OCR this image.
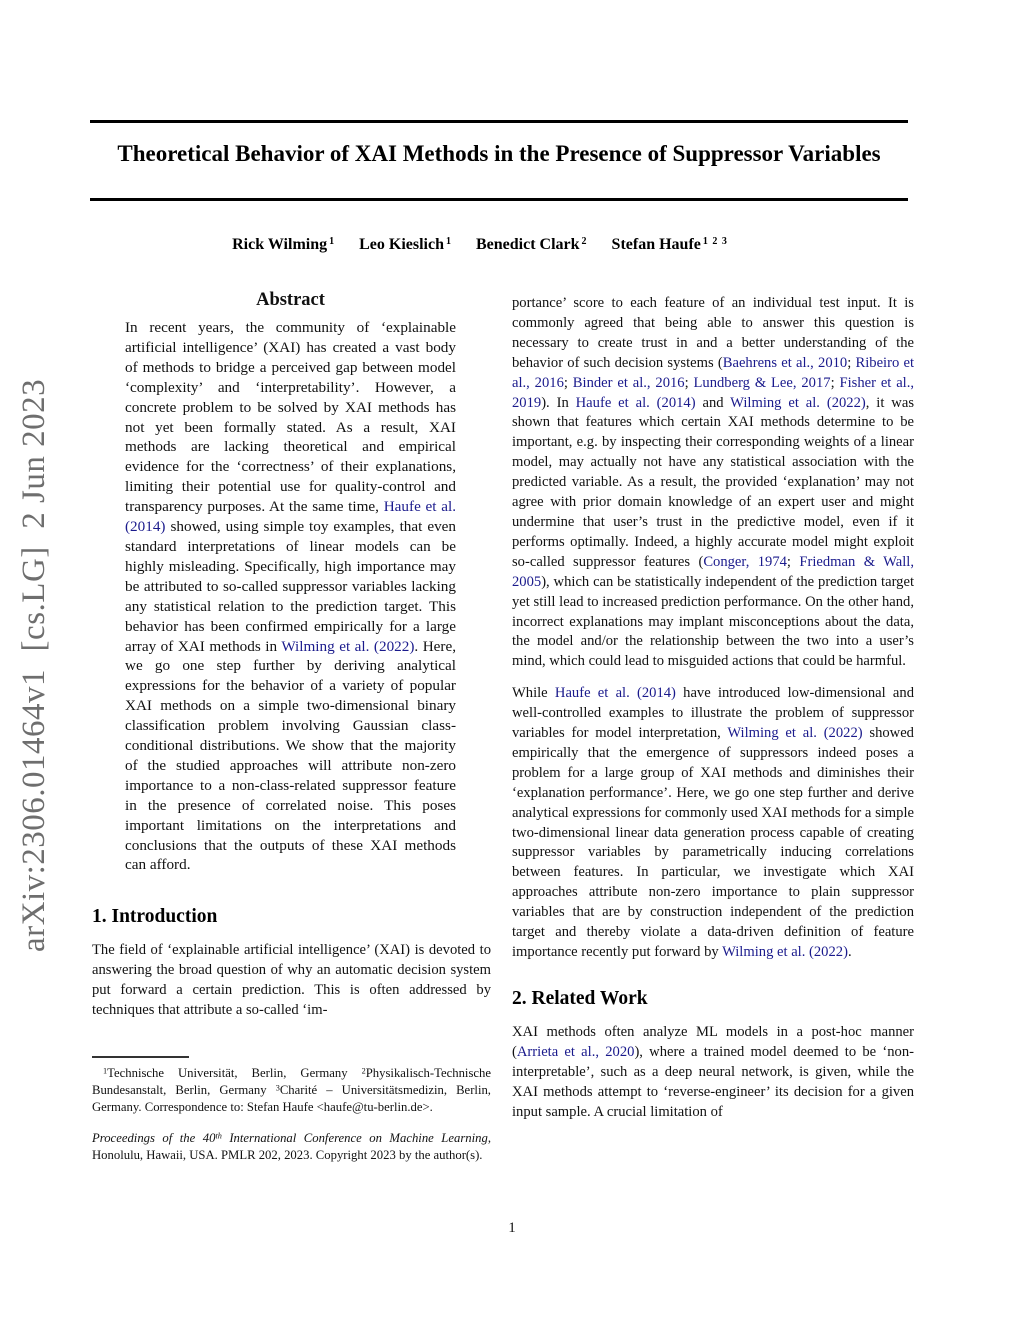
arXiv:2306.01464v1  [cs.LG]  2 Jun 2023
Theoretical Behavior of XAI Methods in the Presence of Suppressor Variables
Rick Wilming $^1$ Leo Kieslich $^1$ Benedict Clark $^2$ Stefan Haufe $^{1 2 3}$
Abstract

In recent years, the community of ‘explainable artificial intelligence’ (XAI) has created a vast body of methods to bridge a perceived gap between model ‘complexity’ and ‘interpretability’. However, a concrete problem to be solved by XAI methods has not yet been formally stated. As a result, XAI methods are lacking theoretical and empirical evidence for the ‘correctness’ of their explanations, limiting their potential use for quality-control and transparency purposes. At the same time, Haufe et al. (2014) showed, using simple toy examples, that even standard interpretations of linear models can be highly misleading. Specifically, high importance may be attributed to so-called suppressor variables lacking any statistical relation to the prediction target. This behavior has been confirmed empirically for a large array of XAI methods in Wilming et al. (2022). Here, we go one step further by deriving analytical expressions for the behavior of a variety of popular XAI methods on a simple two-dimensional binary classification problem involving Gaussian class-conditional distributions. We show that the majority of the studied approaches will attribute non-zero importance to a non-class-related suppressor feature in the presence of correlated noise. This poses important limitations on the interpretations and conclusions that the outputs of these XAI methods can afford.

1. Introduction

The field of ‘explainable artificial intelligence’ (XAI) is devoted to answering the broad question of why an automatic decision system put forward a certain prediction. This is often addressed by techniques that attribute a so-called ‘im-

$^1$Technische Universität, Berlin, Germany $^2$Physikalisch-Technische Bundesanstalt, Berlin, Germany $^3$Charité – Universitätsmedizin, Berlin, Germany. Correspondence to: Stefan Haufe <haufe@tu-berlin.de>.

Proceedings of the 40th International Conference on Machine Learning, Honolulu, Hawaii, USA. PMLR 202, 2023. Copyright 2023 by the author(s).

portance’ score to each feature of an individual test input. It is commonly agreed that being able to answer this question is necessary to create trust in and a better understanding of the behavior of such decision systems (Baehrens et al., 2010; Ribeiro et al., 2016; Binder et al., 2016; Lundberg & Lee, 2017; Fisher et al., 2019). In Haufe et al. (2014) and Wilming et al. (2022), it was shown that features which certain XAI methods determine to be important, e.g. by inspecting their corresponding weights of a linear model, may actually not have any statistical association with the predicted variable. As a result, the provided ‘explanation’ may not agree with prior domain knowledge of an expert user and might undermine that user’s trust in the predictive model, even if it performs optimally. Indeed, a highly accurate model might exploit so-called suppressor features (Conger, 1974; Friedman & Wall, 2005), which can be statistically independent of the prediction target yet still lead to increased prediction performance. On the other hand, incorrect explanations may implant misconceptions about the data, the model and/or the relationship between the two into a user’s mind, which could lead to misguided actions that could be harmful.

While Haufe et al. (2014) have introduced low-dimensional and well-controlled examples to illustrate the problem of suppressor variables for model interpretation, Wilming et al. (2022) showed empirically that the emergence of suppressors indeed poses a problem for a large group of XAI methods and diminishes their ‘explanation performance’. Here, we go one step further and derive analytical expressions for commonly used XAI methods for a simple two-dimensional linear data generation process capable of creating suppressor variables by parametrically inducing correlations between features. In particular, we investigate which XAI approaches attribute non-zero importance to plain suppressor variables that are by construction independent of the prediction target and thereby violate a data-driven definition of feature importance recently put forward by Wilming et al. (2022).

2. Related Work

XAI methods often analyze ML models in a post-hoc manner (Arrieta et al., 2020), where a trained model deemed to be ‘non-interpretable’, such as a deep neural network, is given, while the XAI methods attempt to ‘reverse-engineer’ its decision for a given input sample. A crucial limitation of

1
